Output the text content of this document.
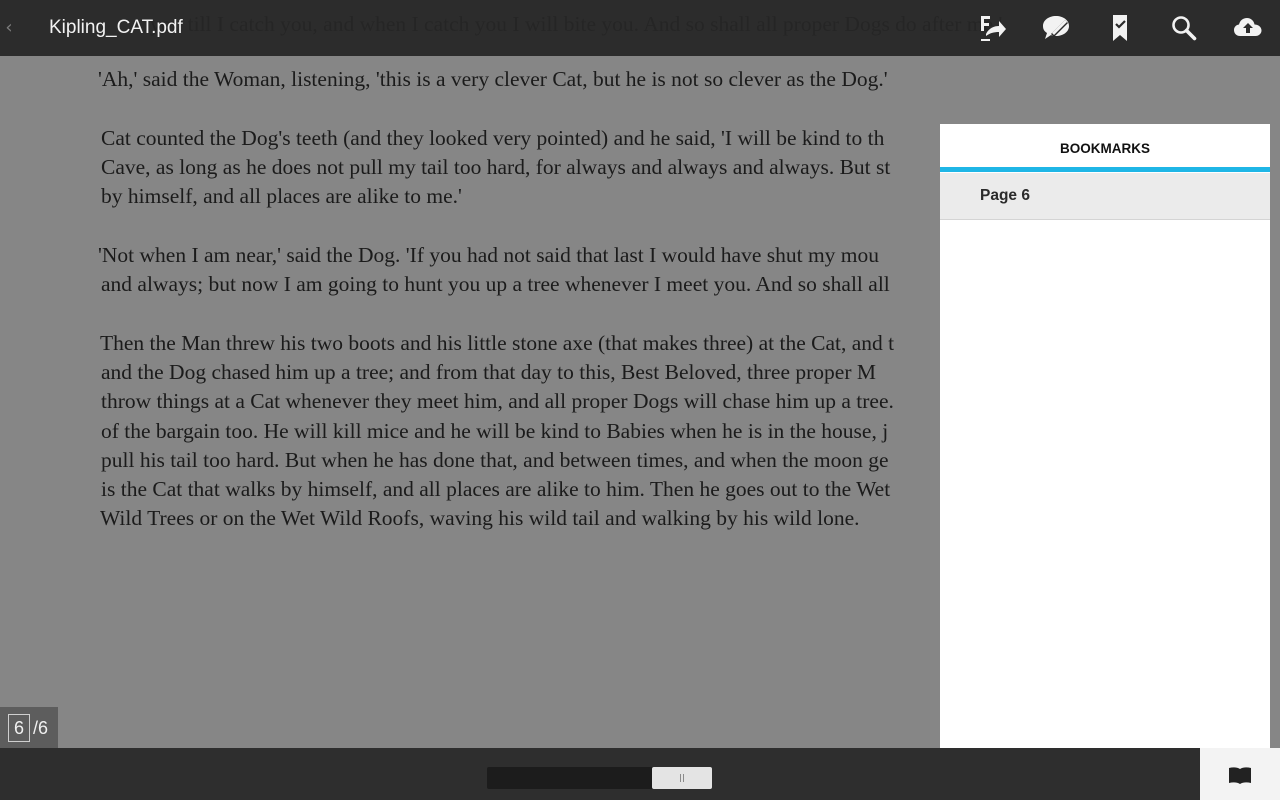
'Ah,' said the Woman, listening, 'this is a very clever Cat, but he is not so clever as the Dog.'
Cat counted the Dog's teeth (and they looked very pointed) and he said, 'I will be kind to th
Cave, as long as he does not pull my tail too hard, for always and always and always. But st
by himself, and all places are alike to me.'
'Not when I am near,' said the Dog. 'If you had not said that last I would have shut my mou
and always; but now I am going to hunt you up a tree whenever I meet you. And so shall all
Then the Man threw his two boots and his little stone axe (that makes three) at the Cat, and t
and the Dog chased him up a tree; and from that day to this, Best Beloved, three proper M
throw things at a Cat whenever they meet him, and all proper Dogs will chase him up a tree.
of the bargain too. He will kill mice and he will be kind to Babies when he is in the house, j
pull his tail too hard. But when he has done that, and between times, and when the moon ge
is the Cat that walks by himself, and all places are alike to him. Then he goes out to the Wet
Wild Trees or on the Wet Wild Roofs, waving his wild tail and walking by his wild lone.
‹ Kipling_CAT.pdf
BOOKMARKS
Page 6
6 /6
